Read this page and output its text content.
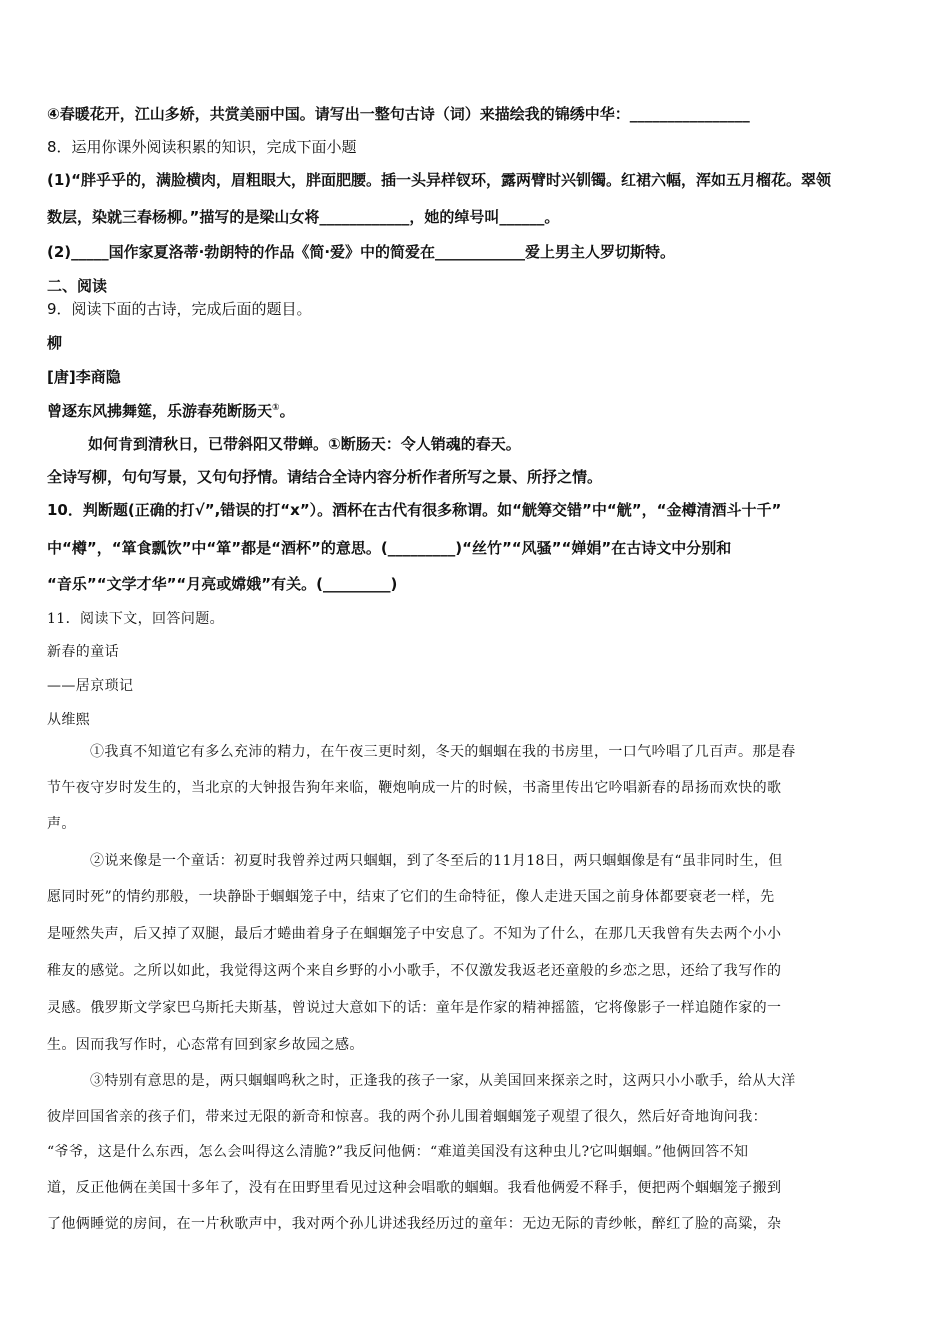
④春暖花开，江山多娇，共赏美丽中国。请写出一整句古诗（词）来描绘我的锦绣中华：________________
8．运用你课外阅读积累的知识，完成下面小题
(1)“胖乎乎的，满脸横肉，眉粗眼大，胖面肥腰。插一头异样钗环，露两臂时兴钏镯。红裙六幅，浑如五月榴花。翠领
数层，染就三春杨柳。”描写的是梁山女将____________，她的绰号叫______。
(2)_____国作家夏洛蒂·勃朗特的作品《简·爱》中的简爱在____________爱上男主人罗切斯特。
二、阅读
9．阅读下面的古诗，完成后面的题目。
柳
[唐]李商隐
曾逐东风拂舞筵，乐游春苑断肠天①。
如何肯到清秋日，已带斜阳又带蝉。①断肠天：令人销魂的春天。
全诗写柳，句句写景，又句句抒情。请结合全诗内容分析作者所写之景、所抒之情。
10．判断题(正确的打√”,错误的打“x”）。酒杯在古代有很多称谓。如“觥筹交错”中“觥”，“金樽清酒斗十千”
中“樽”，“箪食瓢饮”中“箪”都是“酒杯”的意思。(_________)“丝竹”“风骚”“婵娟”在古诗文中分别和
“音乐”“文学才华”“月亮或嫦娥”有关。(_________)
11．阅读下文，回答问题。
新春的童话
——居京琐记
从维熙
①我真不知道它有多么充沛的精力，在午夜三更时刻，冬天的蝈蝈在我的书房里，一口气吟唱了几百声。那是春
节午夜守岁时发生的，当北京的大钟报告狗年来临，鞭炮响成一片的时候，书斋里传出它吟唱新春的昂扬而欢快的歌
声。
②说来像是一个童话：初夏时我曾养过两只蝈蝈，到了冬至后的11月18日，两只蝈蝈像是有“虽非同时生，但
愿同时死”的情约那般，一块静卧于蝈蝈笼子中，结束了它们的生命特征，像人走进天国之前身体都要衰老一样，先
是哑然失声，后又掉了双腿，最后才蜷曲着身子在蝈蝈笼子中安息了。不知为了什么，在那几天我曾有失去两个小小
稚友的感觉。之所以如此，我觉得这两个来自乡野的小小歌手，不仅激发我返老还童般的乡恋之思，还给了我写作的
灵感。俄罗斯文学家巴乌斯托夫斯基，曾说过大意如下的话：童年是作家的精神摇篮，它将像影子一样追随作家的一
生。因而我写作时，心态常有回到家乡故园之感。
③特别有意思的是，两只蝈蝈鸣秋之时，正逢我的孩子一家，从美国回来探亲之时，这两只小小歌手，给从大洋
彼岸回国省亲的孩子们，带来过无限的新奇和惊喜。我的两个孙儿围着蝈蝈笼子观望了很久，然后好奇地询问我：
“爷爷，这是什么东西，怎么会叫得这么清脆?”我反问他俩：“难道美国没有这种虫儿?它叫蝈蝈。”他俩回答不知
道，反正他俩在美国十多年了，没有在田野里看见过这种会唱歌的蝈蝈。我看他俩爱不释手，便把两个蝈蝈笼子搬到
了他俩睡觉的房间，在一片秋歌声中，我对两个孙儿讲述我经历过的童年：无边无际的青纱帐，醉红了脸的高粱，杂
